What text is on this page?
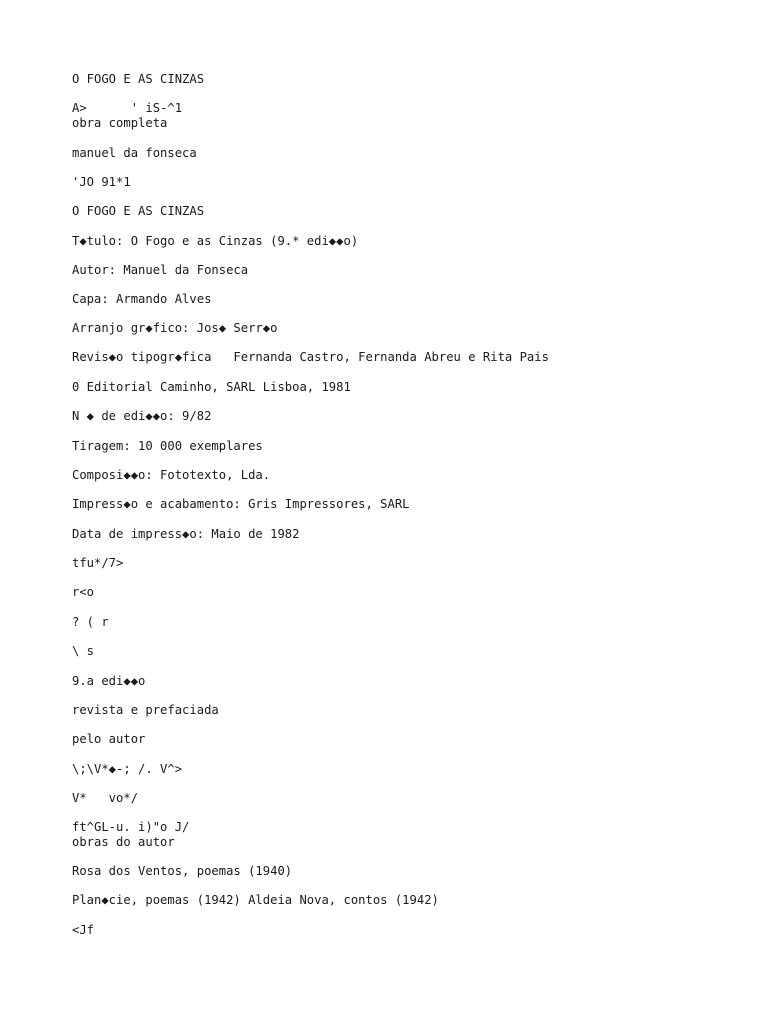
O FOGO E AS CINZAS

A>      ' iS-^1

obra completa

manuel da fonseca

'JO 91*1

O FOGO E AS CINZAS

T◆tulo: O Fogo e as Cinzas (9.* edi◆◆o)

Autor: Manuel da Fonseca

Capa: Armando Alves

Arranjo gr◆fico: Jos◆ Serr◆o

Revis◆o tipogr◆fica   Fernanda Castro, Fernanda Abreu e Rita Pais

0 Editorial Caminho, SARL Lisboa, 1981

N ◆ de edi◆◆o: 9/82

Tiragem: 10 000 exemplares

Composi◆◆o: Fototexto, Lda.

Impress◆o e acabamento: Gris Impressores, SARL

Data de impress◆o: Maio de 1982

tfu*/7>

r<o

? ( r

\ s

9.a edi◆◆o

revista e prefaciada

pelo autor

\;\V*◆-; /. V^>

V*   vo*/

ft^GL-u. i)"o J/

obras do autor

Rosa dos Ventos, poemas (1940)

Plan◆cie, poemas (1942) Aldeia Nova, contos (1942)

<Jf
